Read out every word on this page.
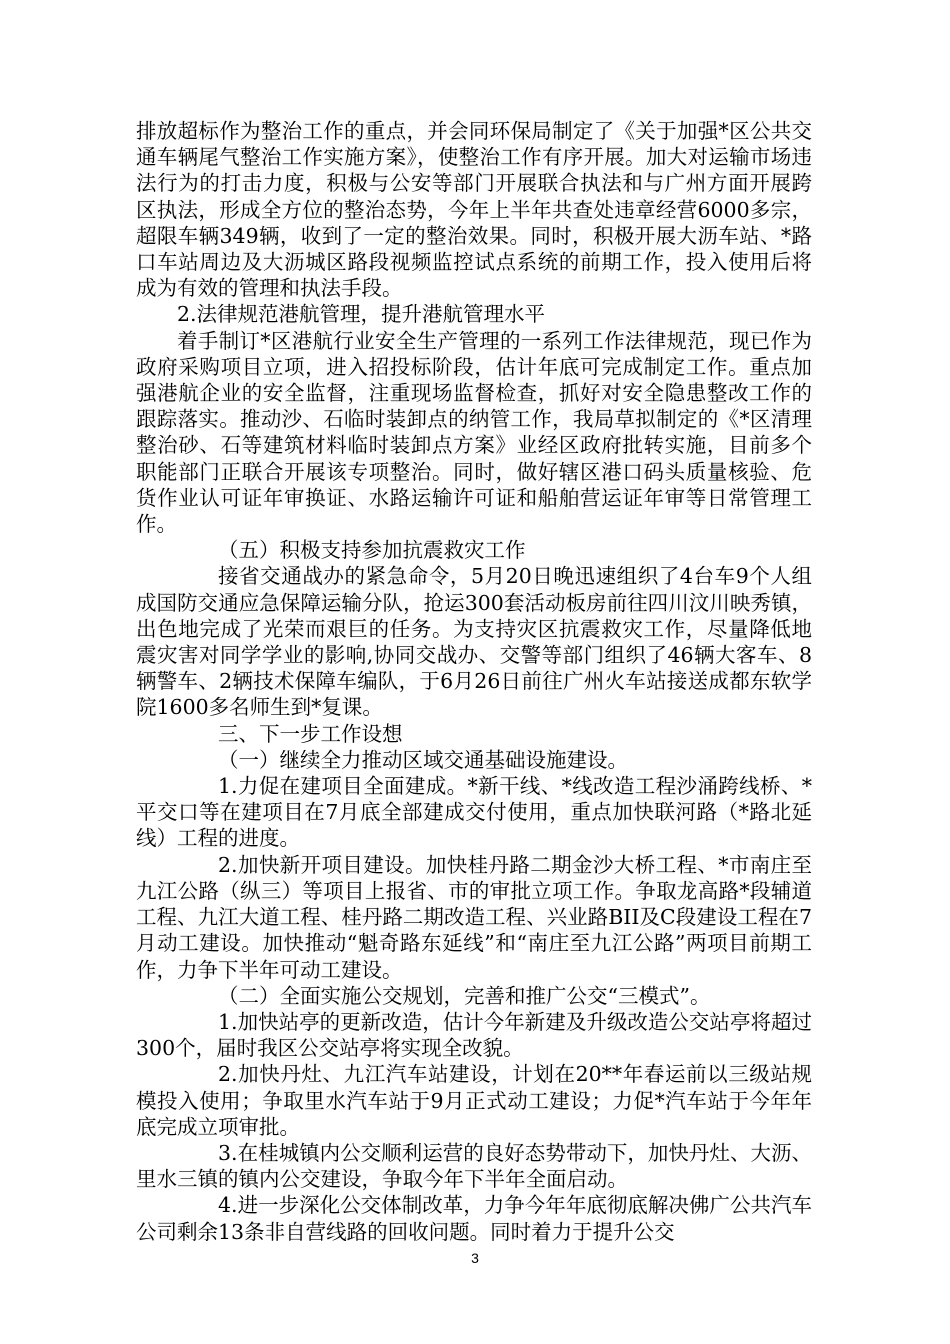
排放超标作为整治工作的重点，并会同环保局制定了《关于加强*区公共交通车辆尾气整治工作实施方案》，使整治工作有序开展。加大对运输市场违法行为的打击力度，积极与公安等部门开展联合执法和与广州方面开展跨区执法，形成全方位的整治态势，今年上半年共查处违章经营6000多宗，超限车辆349辆，收到了一定的整治效果。同时，积极开展大沥车站、*路口车站周边及大沥城区路段视频监控试点系统的前期工作，投入使用后将成为有效的管理和执法手段。

2.法律规范港航管理，提升港航管理水平

着手制订*区港航行业安全生产管理的一系列工作法律规范，现已作为政府采购项目立项，进入招投标阶段，估计年底可完成制定工作。重点加强港航企业的安全监督，注重现场监督检查，抓好对安全隐患整改工作的跟踪落实。推动沙、石临时装卸点的纳管工作，我局草拟制定的《*区清理整治砂、石等建筑材料临时装卸点方案》业经区政府批转实施，目前多个职能部门正联合开展该专项整治。同时，做好辖区港口码头质量核验、危货作业认可证年审换证、水路运输许可证和船舶营运证年审等日常管理工作。

（五）积极支持参加抗震救灾工作

接省交通战办的紧急命令，5月20日晚迅速组织了4台车9个人组成国防交通应急保障运输分队，抢运300套活动板房前往四川汶川映秀镇，出色地完成了光荣而艰巨的任务。为支持灾区抗震救灾工作，尽量降低地震灾害对同学学业的影响,协同交战办、交警等部门组织了46辆大客车、8辆警车、2辆技术保障车编队，于6月26日前往广州火车站接送成都东软学院1600多名师生到*复课。

三、下一步工作设想

（一）继续全力推动区域交通基础设施建设。

1.力促在建项目全面建成。*新干线、*线改造工程沙涌跨线桥、*平交口等在建项目在7月底全部建成交付使用，重点加快联河路（*路北延线）工程的进度。

2.加快新开项目建设。加快桂丹路二期金沙大桥工程、*市南庄至九江公路（纵三）等项目上报省、市的审批立项工作。争取龙高路*段辅道工程、九江大道工程、桂丹路二期改造工程、兴业路BII及C段建设工程在7月动工建设。加快推动“魁奇路东延线”和“南庄至九江公路”两项目前期工作，力争下半年可动工建设。

（二）全面实施公交规划，完善和推广公交“三模式”。

1.加快站亭的更新改造，估计今年新建及升级改造公交站亭将超过300个，届时我区公交站亭将实现全改貌。

2.加快丹灶、九江汽车站建设，计划在20**年春运前以三级站规模投入使用；争取里水汽车站于9月正式动工建设；力促*汽车站于今年年底完成立项审批。

3.在桂城镇内公交顺利运营的良好态势带动下，加快丹灶、大沥、里水三镇的镇内公交建设，争取今年下半年全面启动。

4.进一步深化公交体制改革，力争今年年底彻底解决佛广公共汽车公司剩余13条非自营线路的回收问题。同时着力于提升公交

3
